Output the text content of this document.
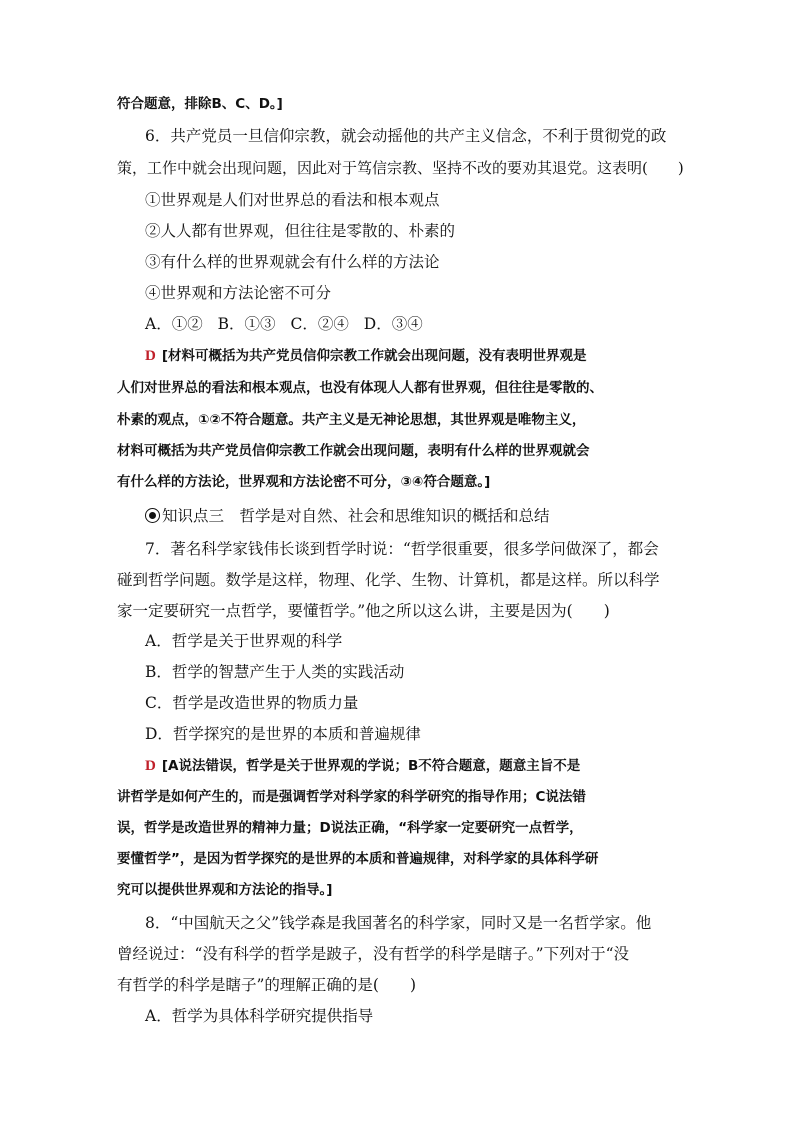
符合题意，排除B、C、D。]
6．共产党员一旦信仰宗教，就会动摇他的共产主义信念，不利于贯彻党的政
策，工作中就会出现问题，因此对于笃信宗教、坚持不改的要劝其退党。这表明(　　)
①世界观是人们对世界总的看法和根本观点
②人人都有世界观，但往往是零散的、朴素的
③有什么样的世界观就会有什么样的方法论
④世界观和方法论密不可分
A．①② B．①③ C．②④ D．③④
D [材料可概括为共产党员信仰宗教工作就会出现问题，没有表明世界观是
人们对世界总的看法和根本观点，也没有体现人人都有世界观，但往往是零散的、
朴素的观点，①②不符合题意。共产主义是无神论思想，其世界观是唯物主义，
材料可概括为共产党员信仰宗教工作就会出现问题，表明有什么样的世界观就会
有什么样的方法论，世界观和方法论密不可分，③④符合题意。]
知识点三　 哲学是对自然、社会和思维知识的概括和总结
7．著名科学家钱伟长谈到哲学时说：“哲学很重要，很多学问做深了，都会
碰到哲学问题。数学是这样，物理、化学、生物、计算机，都是这样。所以科学
家一定要研究一点哲学，要懂哲学。”他之所以这么讲，主要是因为(　　)
A．哲学是关于世界观的科学
B．哲学的智慧产生于人类的实践活动
C．哲学是改造世界的物质力量
D．哲学探究的是世界的本质和普遍规律
D [A说法错误，哲学是关于世界观的学说；B不符合题意，题意主旨不是
讲哲学是如何产生的，而是强调哲学对科学家的科学研究的指导作用；C说法错
误，哲学是改造世界的精神力量；D说法正确，“科学家一定要研究一点哲学，
要懂哲学”，是因为哲学探究的是世界的本质和普遍规律，对科学家的具体科学研
究可以提供世界观和方法论的指导。]
8．“中国航天之父”钱学森是我国著名的科学家，同时又是一名哲学家。他
曾经说过：“没有科学的哲学是跛子，没有哲学的科学是瞎子。”下列对于“没
有哲学的科学是瞎子”的理解正确的是(　　)
A．哲学为具体科学研究提供指导
